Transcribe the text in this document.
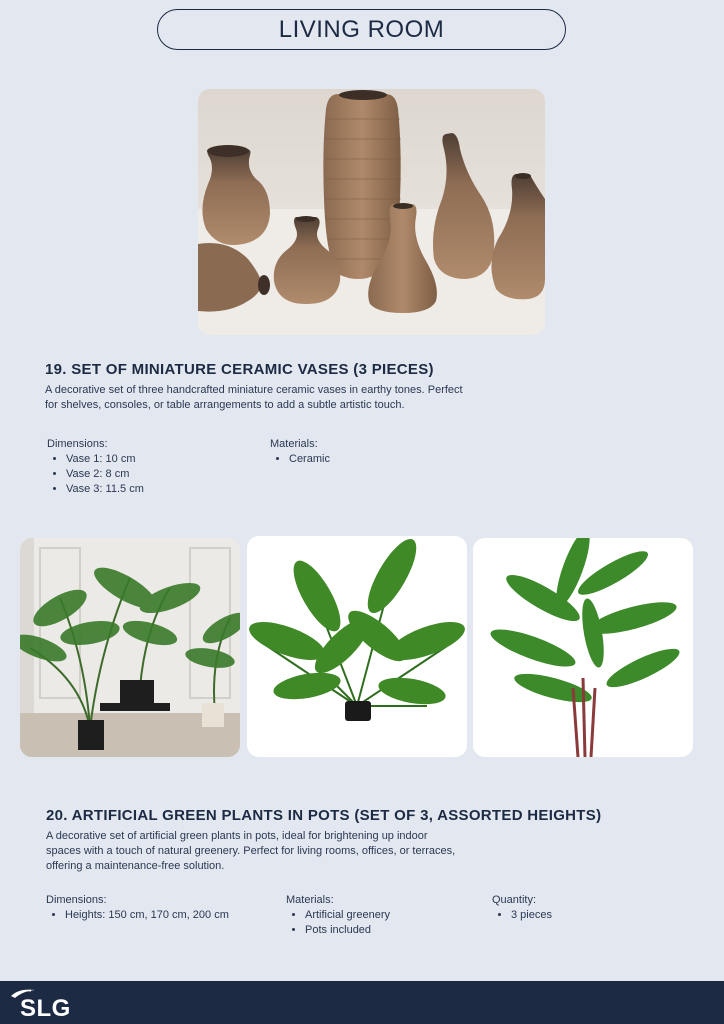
LIVING ROOM
19. SET OF MINIATURE CERAMIC VASES (3 PIECES)
A decorative set of three handcrafted miniature ceramic vases in earthy tones. Perfect for shelves, consoles, or table arrangements to add a subtle artistic touch.
Dimensions:
• Vase 1: 10 cm
• Vase 2: 8 cm
• Vase 3: 11.5 cm
Materials:
• Ceramic
20. ARTIFICIAL GREEN PLANTS IN POTS (SET OF 3, ASSORTED HEIGHTS)
A decorative set of artificial green plants in pots, ideal for brightening up indoor spaces with a touch of natural greenery. Perfect for living rooms, offices, or terraces, offering a maintenance-free solution.
Dimensions:
• Heights: 150 cm, 170 cm, 200 cm
Materials:
• Artificial greenery
• Pots included
Quantity:
• 3 pieces
SLG
